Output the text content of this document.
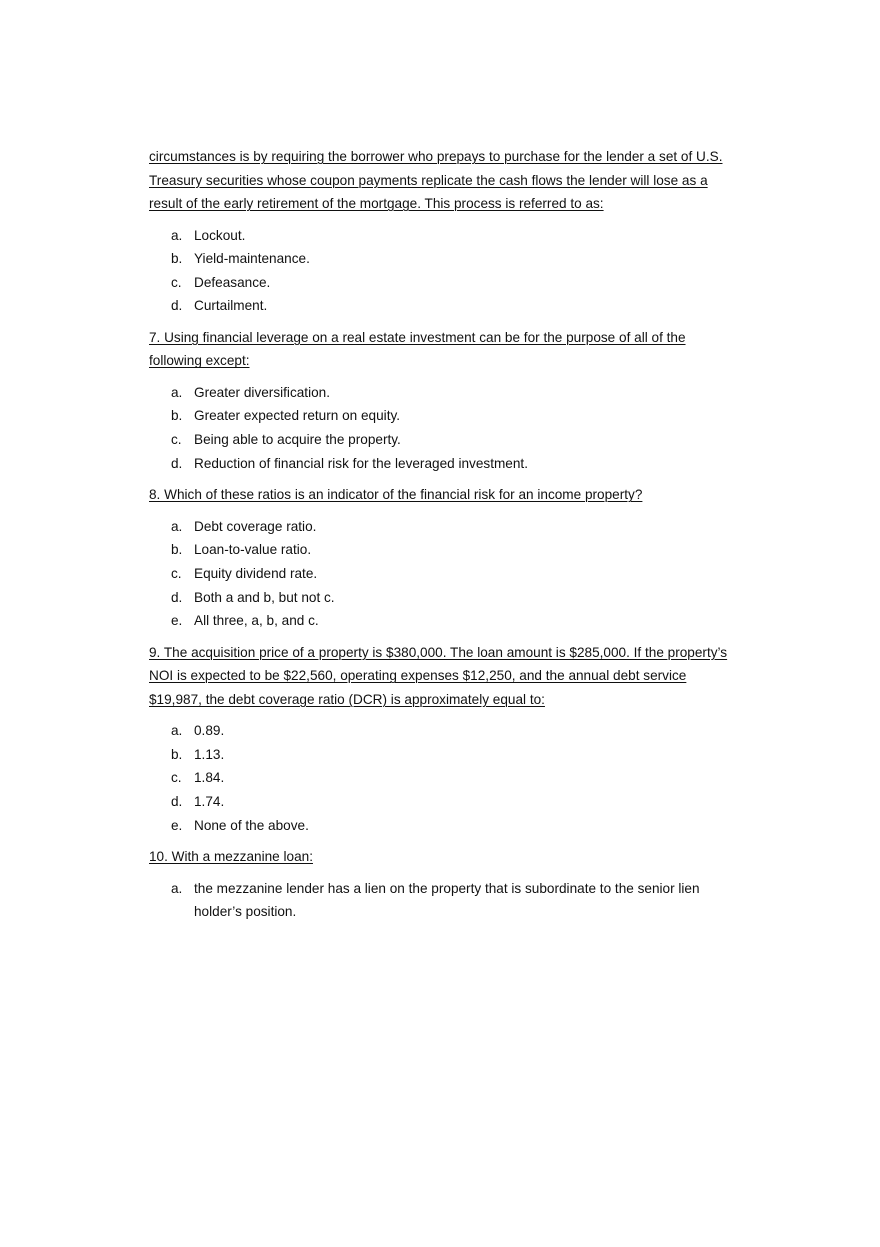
circumstances is by requiring the borrower who prepays to purchase for the lender a set of U.S.
Treasury securities whose coupon payments replicate the cash flows the lender will lose as a
result of the early retirement of the mortgage. This process is referred to as:

a. Lockout.
b. Yield-maintenance.
c. Defeasance.
d. Curtailment.

7. Using financial leverage on a real estate investment can be for the purpose of all of the
following except:

a. Greater diversification.
b. Greater expected return on equity.
c. Being able to acquire the property.
d. Reduction of financial risk for the leveraged investment.

8. Which of these ratios is an indicator of the financial risk for an income property?

a. Debt coverage ratio.
b. Loan-to-value ratio.
c. Equity dividend rate.
d. Both a and b, but not c.
e. All three, a, b, and c.

9. The acquisition price of a property is $380,000. The loan amount is $285,000. If the property’s
NOI is expected to be $22,560, operating expenses $12,250, and the annual debt service
$19,987, the debt coverage ratio (DCR) is approximately equal to:

a. 0.89.
b. 1.13.
c. 1.84.
d. 1.74.
e. None of the above.

10. With a mezzanine loan:

a. the mezzanine lender has a lien on the property that is subordinate to the senior lien holder’s position.
